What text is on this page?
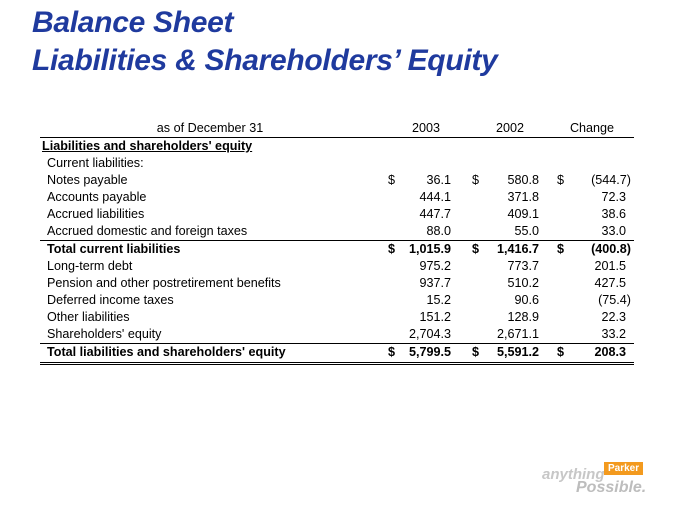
Balance Sheet
Liabilities & Shareholders’ Equity
as of December 31	2003	2002	Change
Liabilities and shareholders' equity
Current liabilities:
Notes payable	$ 36.1 $ 580.8 $ (544.7)
Accounts payable	444.1	371.8	72.3
Accrued liabilities	447.7	409.1	38.6
Accrued domestic and foreign taxes	88.0	55.0	33.0
Total current liabilities	$ 1,015.9 $ 1,416.7 $ (400.8)
Long-term debt	975.2	773.7	201.5
Pension and other postretirement benefits	937.7	510.2	427.5
Deferred income taxes	15.2	90.6	(75.4)
Other liabilities	151.2	128.9	22.3
Shareholders' equity	2,704.3	2,671.1	33.2
Total liabilities and shareholders' equity	$ 5,799.5 $ 5,591.2 $ 208.3
anything Parker
Possible.
